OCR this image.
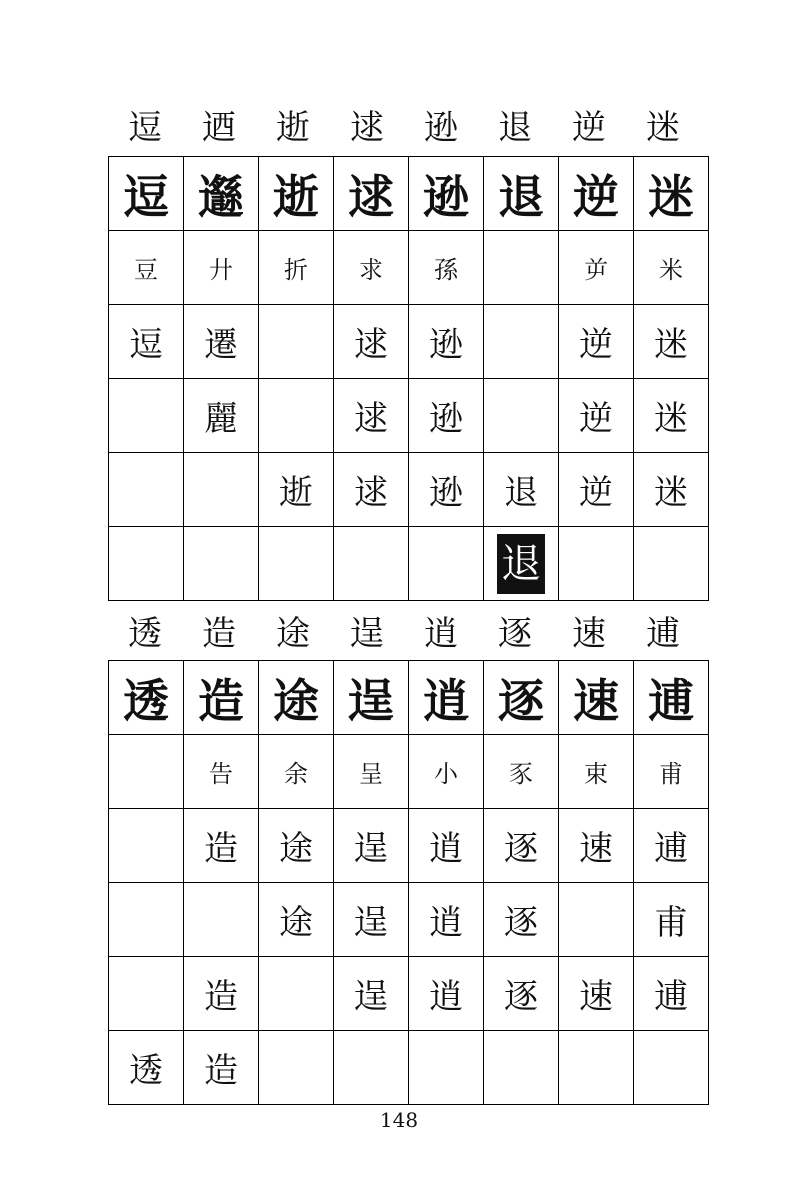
逗	迺	逝	逑	逊	退	逆	迷
逗	邎	逝	逑	逊	退	逆	迷
豆	廾	折	求	孫		屰	米
逗	遷		逑	逊		逆	迷
	麗		逑	逊		逆	迷
		逝	逑	逊	退	逆	迷
					退		
透	造	途	逞	逍	逐	速	逋
透	造	途	逞	逍	逐	速	逋
	告	余	呈	小	豕	束	甫
	造	途	逞	逍	逐	速	逋
		途	逞	逍	逐		甫
	造		逞	逍	逐	速	逋
透	造						
148
